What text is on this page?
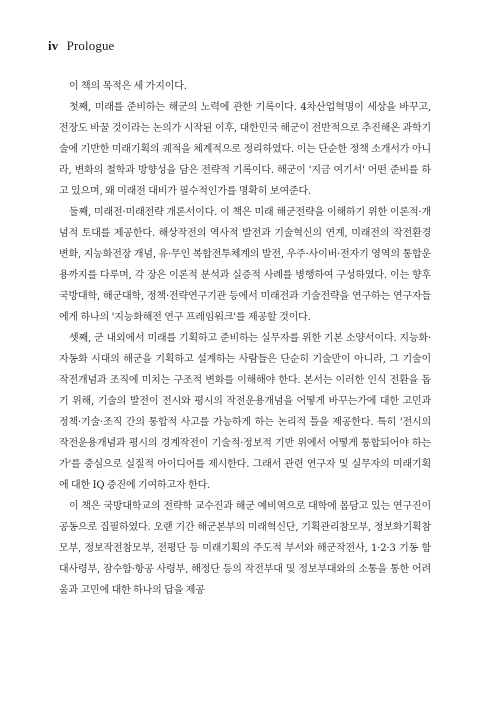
iv Prologue

이 책의 목적은 세 가지이다.

첫째, 미래를 준비하는 해군의 노력에 관한 기록이다. 4차산업혁명이 세상을 바꾸고, 전장도 바꿀 것이라는 논의가 시작된 이후, 대한민국 해군이 전반적으로 추진해온 과학기술에 기반한 미래기획의 궤적을 체계적으로 정리하였다. 이는 단순한 정책 소개서가 아니라, 변화의 철학과 방향성을 담은 전략적 기록이다. 해군이 '지금 여기서' 어떤 준비를 하고 있으며, 왜 미래전 대비가 필수적인가를 명확히 보여준다.

둘째, 미래전·미래전략 개론서이다. 이 책은 미래 해군전략을 이해하기 위한 이론적·개념적 토대를 제공한다. 해상작전의 역사적 발전과 기술혁신의 연계, 미래전의 작전환경 변화, 지능화전장 개념, 유·무인 복합전투체계의 발전, 우주·사이버·전자기 영역의 통합운용까지를 다루며, 각 장은 이론적 분석과 실증적 사례를 병행하여 구성하였다. 이는 향후 국방대학, 해군대학, 정책·전략연구기관 등에서 미래전과 기술전략을 연구하는 연구자들에게 하나의 '지능화해전 연구 프레임워크'를 제공할 것이다.

셋째, 군 내외에서 미래를 기획하고 준비하는 실무자를 위한 기본 소양서이다. 지능화·자동화 시대의 해군을 기획하고 설계하는 사람들은 단순히 기술만이 아니라, 그 기술이 작전개념과 조직에 미치는 구조적 변화를 이해해야 한다. 본서는 이러한 인식 전환을 돕기 위해, 기술의 발전이 전시와 평시의 작전운용개념을 어떻게 바꾸는가에 대한 고민과 정책·기술·조직 간의 통합적 사고를 가능하게 하는 논리적 틀을 제공한다. 특히 '전시의 작전운용개념과 평시의 경계작전이 기술적·정보적 기반 위에서 어떻게 통합되어야 하는가'를 중심으로 실질적 아이디어를 제시한다. 그래서 관련 연구자 및 실무자의 미래기획에 대한 IQ 증진에 기여하고자 한다.

이 책은 국방대학교의 전략학 교수진과 해군 예비역으로 대학에 몸담고 있는 연구진이 공동으로 집필하였다. 오랜 기간 해군본부의 미래혁신단, 기획관리참모부, 정보화기획참모부, 정보작전참모부, 전평단 등 미래기획의 주도적 부서와 해군작전사, 1·2·3 기동 함대사령부, 잠수함·항공 사령부, 해정단 등의 작전부대 및 정보부대와의 소통을 통한 어려움과 고민에 대한 하나의 답을 제공
